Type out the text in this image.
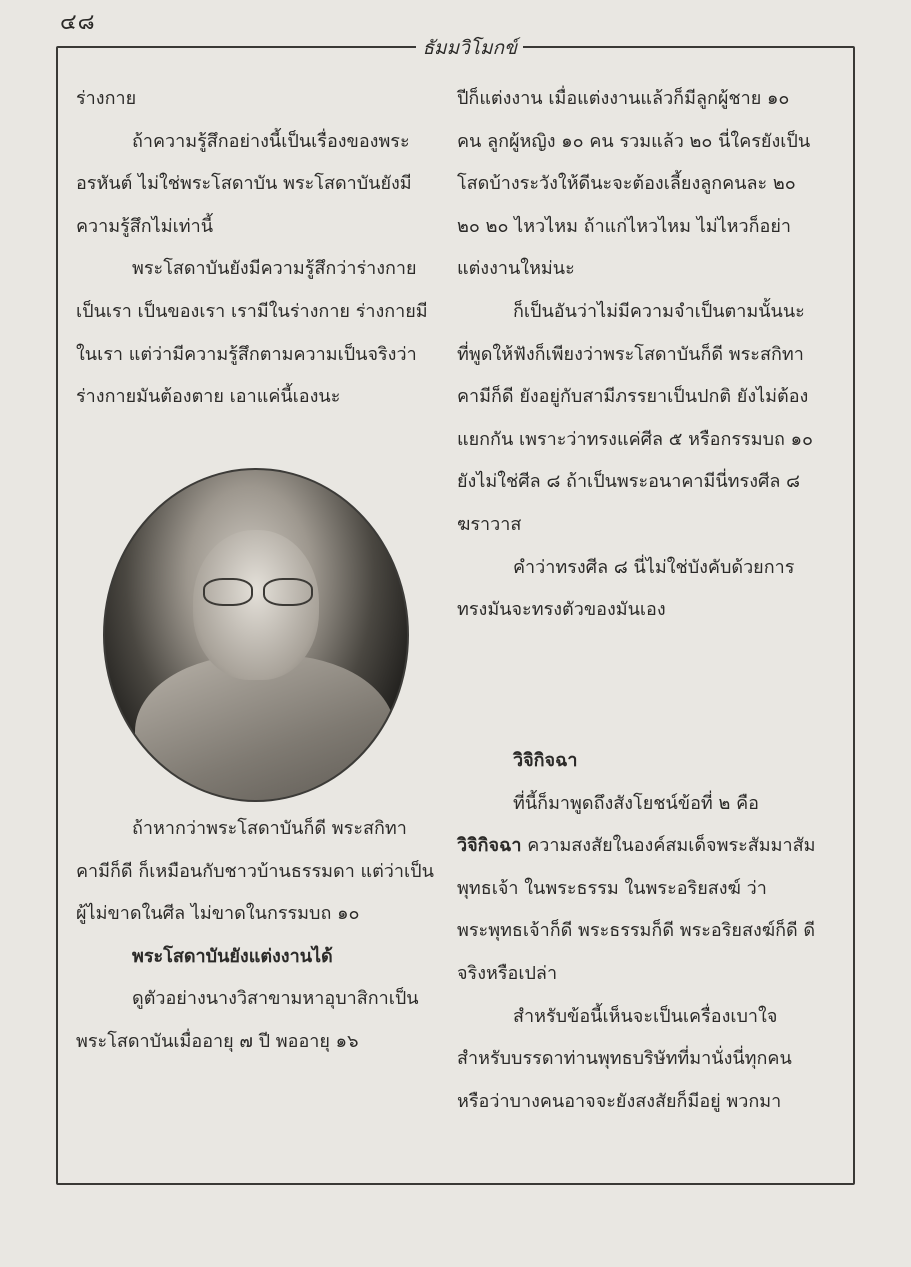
๔๘
ธัมมวิโมกข์

ร่างกาย

ถ้าความรู้สึกอย่างนี้เป็นเรื่องของพระอรหันต์ ไม่ใช่พระโสดาบัน พระโสดาบันยังมีความรู้สึกไม่เท่านี้

พระโสดาบันยังมีความรู้สึกว่าร่างกายเป็นเรา เป็นของเรา เรามีในร่างกาย ร่างกายมีในเรา แต่ว่ามีความรู้สึกตามความเป็นจริงว่าร่างกายมันต้องตาย เอาแค่นี้เองนะ

ถ้าหากว่าพระโสดาบันก็ดี พระสกิทาคามีก็ดี ก็เหมือนกับชาวบ้านธรรมดา แต่ว่าเป็นผู้ไม่ขาดในศีล ไม่ขาดในกรรมบถ ๑๐

พระโสดาบันยังแต่งงานได้

ดูตัวอย่างนางวิสาขามหาอุบาสิกาเป็นพระโสดาบันเมื่ออายุ ๗ ปี พออายุ ๑๖

ปีก็แต่งงาน เมื่อแต่งงานแล้วก็มีลูกผู้ชาย ๑๐ คน ลูกผู้หญิง ๑๐ คน รวมแล้ว ๒๐ นี่ใครยังเป็นโสดบ้างระวังให้ดีนะจะต้องเลี้ยงลูกคนละ ๒๐ ๒๐ ๒๐ ไหวไหม ถ้าแก่ไหวไหม ไม่ไหวก็อย่าแต่งงานใหม่นะ

ก็เป็นอันว่าไม่มีความจำเป็นตามนั้นนะ

ที่พูดให้ฟังก็เพียงว่าพระโสดาบันก็ดี พระสกิทาคามีก็ดี ยังอยู่กับสามีภรรยาเป็นปกติ ยังไม่ต้องแยกกัน เพราะว่าทรงแค่ศีล ๕ หรือกรรมบถ ๑๐ ยังไม่ใช่ศีล ๘ ถ้าเป็นพระอนาคามีนี่ทรงศีล ๘ ฆราวาส

คำว่าทรงศีล ๘ นี่ไม่ใช่บังคับด้วยการทรงมันจะทรงตัวของมันเอง

วิจิกิจฉา

ที่นี้ก็มาพูดถึงสังโยชน์ข้อที่ ๒ คือ

วิจิกิจฉา ความสงสัยในองค์สมเด็จพระสัมมาสัมพุทธเจ้า ในพระธรรม ในพระอริยสงฆ์ ว่าพระพุทธเจ้าก็ดี พระธรรมก็ดี พระอริยสงฆ์ก็ดี ดีจริงหรือเปล่า

สำหรับข้อนี้เห็นจะเป็นเครื่องเบาใจสำหรับบรรดาท่านพุทธบริษัทที่มานั่งนี่ทุกคน หรือว่าบางคนอาจจะยังสงสัยก็มีอยู่ พวกมา
